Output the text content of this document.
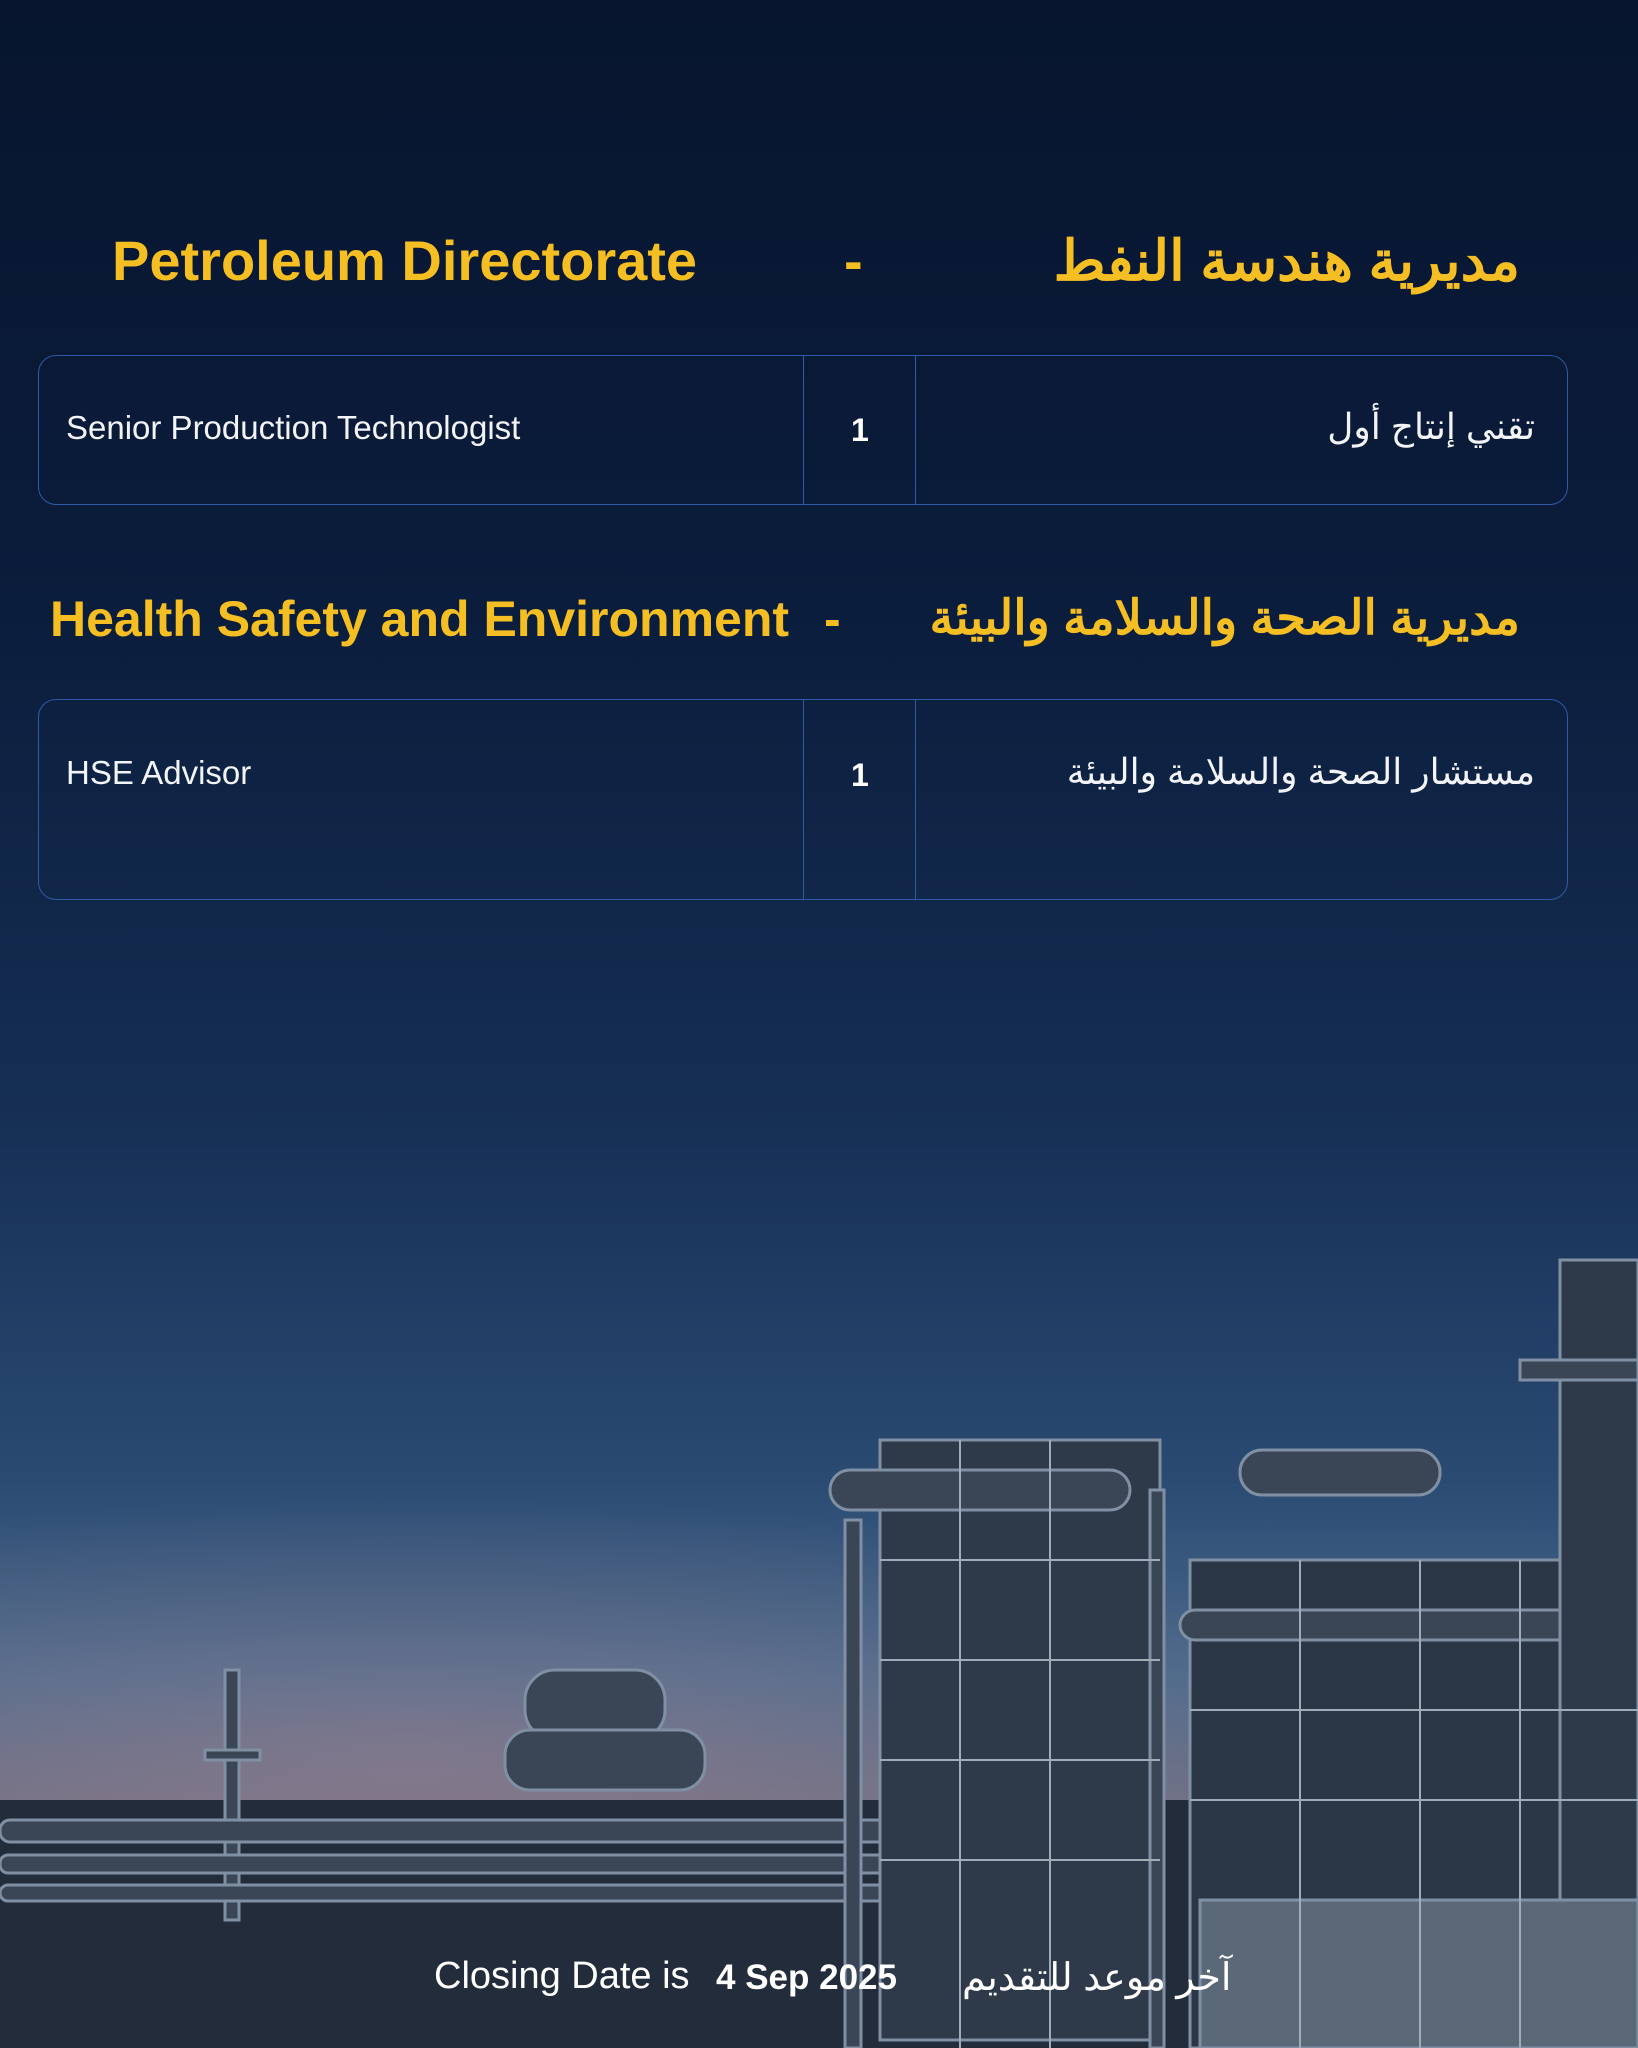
Petroleum Directorate	-	مديرية هندسة النفط
Senior Production Technologist	1	تقني إنتاج أول
Health Safety and Environment - مديرية الصحة والسلامة والبيئة
HSE Advisor	1	مستشار الصحة والسلامة والبيئة
Closing Date is 4 Sep 2025 آخر موعد للتقديم
